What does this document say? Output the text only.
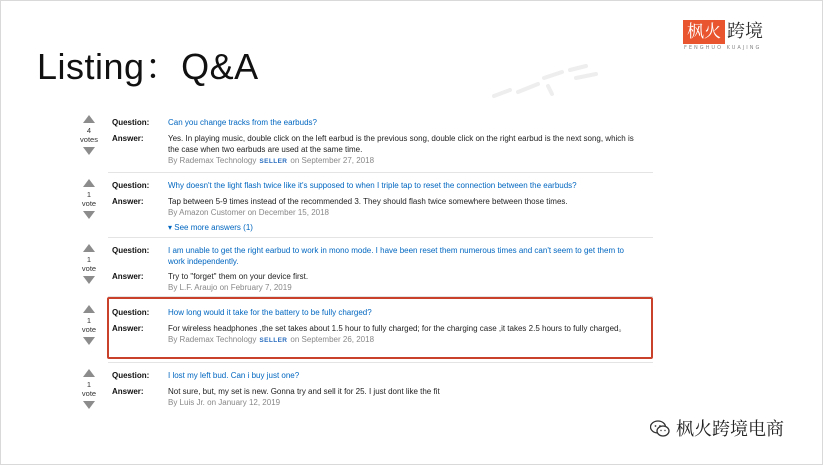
Listing：Q&A
枫火 跨境
FENGHUO KUAJING
4
votes
Question: Can you change tracks from the earbuds?
Answer:	Yes. In playing music, double click on the left earbud is the previous song, double click on the right earbud is the next song, which is the case when two earbuds are used at the same time.
By Rademax Technology SELLER on September 27, 2018
1
vote
Question: Why doesn't the light flash twice like it's supposed to when I triple tap to reset the connection between the earbuds?
Answer:	Tap between 5-9 times instead of the recommended 3. They should flash twice somewhere between those times.
By Amazon Customer on December 15, 2018
▾ See more answers (1)
1
vote
Question: I am unable to get the right earbud to work in mono mode. I have been reset them numerous times and can't seem to get them to work independently.
Answer:	Try to "forget" them on your device first.
By L.F. Araujo on February 7, 2019
1
vote
Question: How long would it take for the battery to be fully charged?
Answer:	For wireless headphones ,the set takes about 1.5 hour to fully charged; for the charging case ,it takes 2.5 hours to fully charged。
By Rademax Technology SELLER on September 26, 2018
1
vote
Question: I lost my left bud. Can i buy just one?
Answer:	Not sure, but, my set is new. Gonna try and sell it for 25. I just dont like the fit
By Luis Jr. on January 12, 2019
枫火跨境电商
